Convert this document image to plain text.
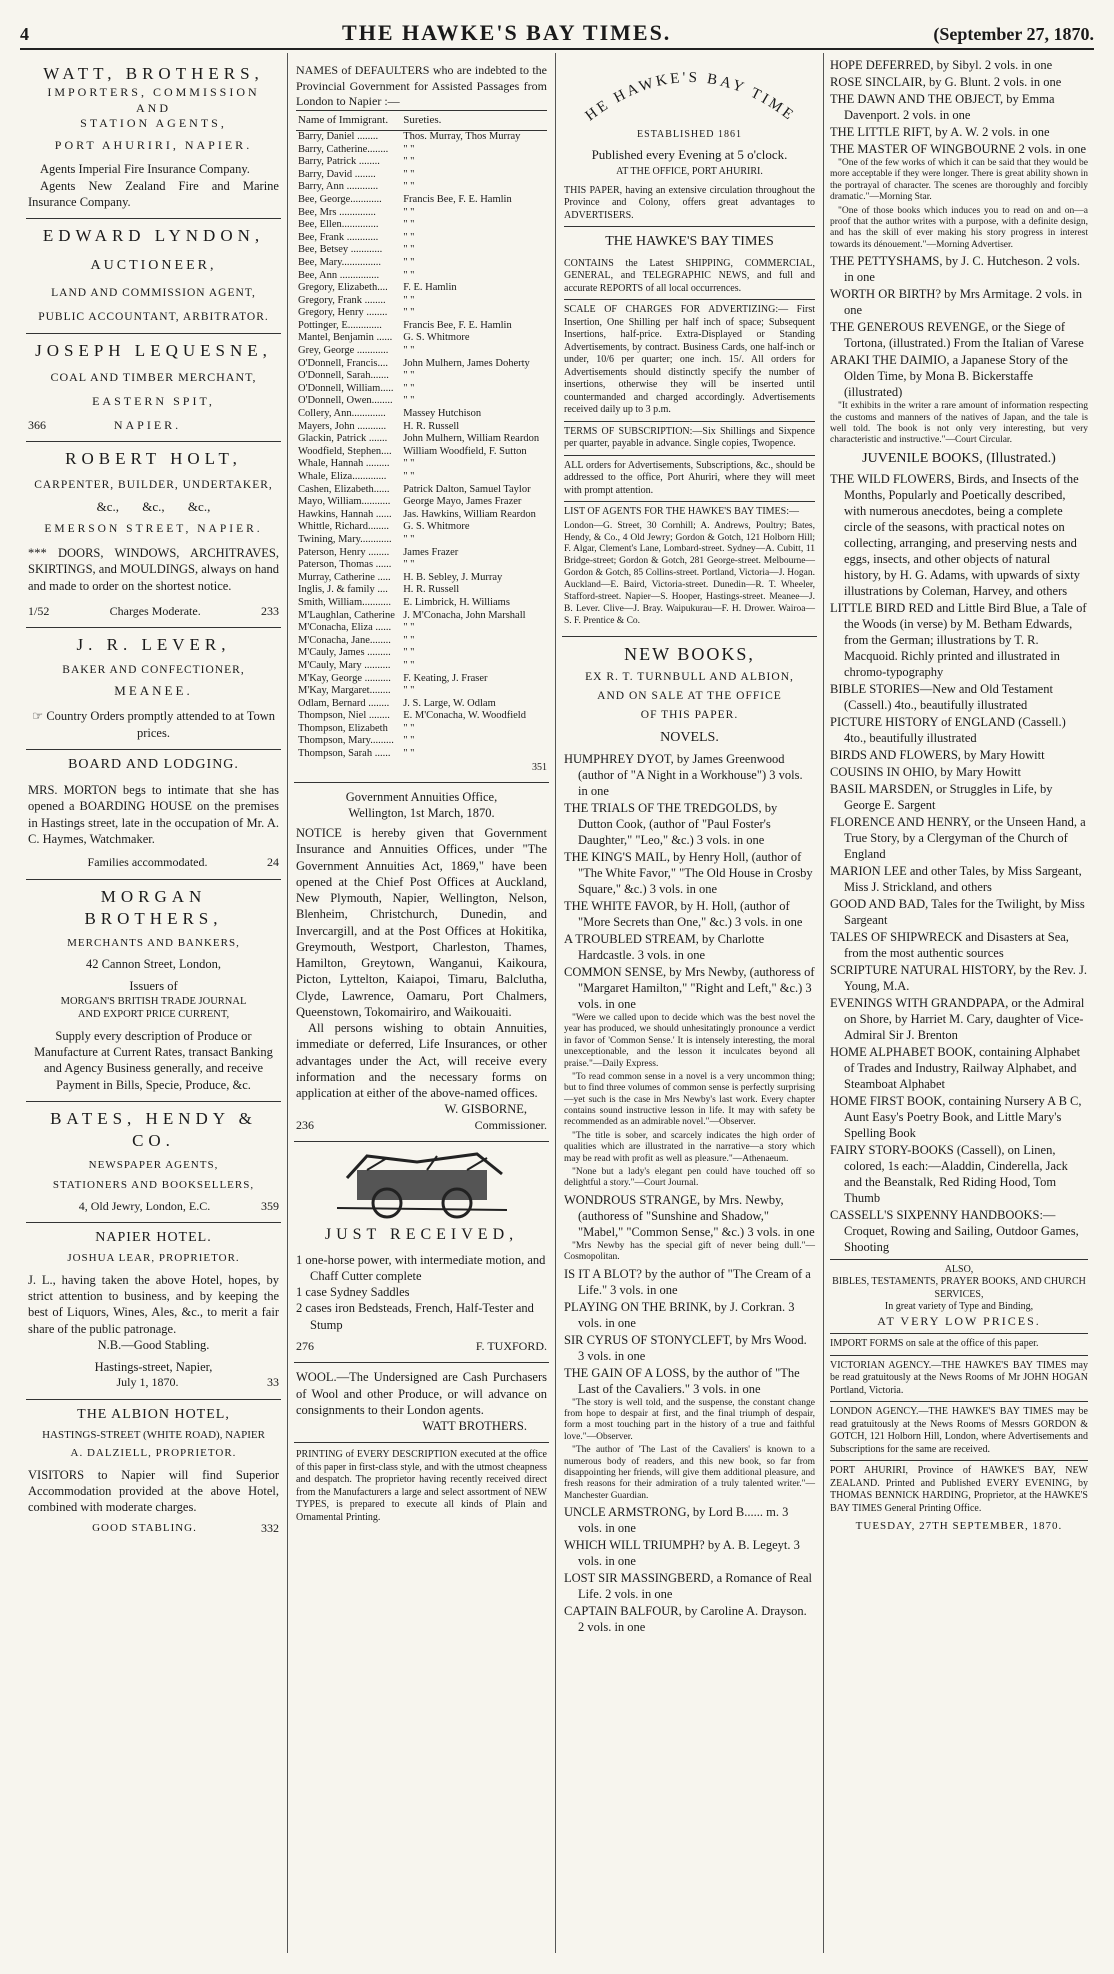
4	THE HAWKE'S BAY TIMES.	(September 27, 1870.
WATT, BROTHERS,
IMPORTERS, COMMISSION AND
STATION AGENTS,
PORT AHURIRI, NAPIER.

Agents Imperial Fire Insurance Company.

Agents New Zealand Fire and Marine Insurance Company.

EDWARD LYNDON,
AUCTIONEER,
LAND AND COMMISSION AGENT,
PUBLIC ACCOUNTANT, ARBITRATOR.
JOSEPH LEQUESNE,
COAL AND TIMBER MERCHANT,
EASTERN SPIT,
366	NAPIER.
ROBERT HOLT,
CARPENTER, BUILDER, UNDERTAKER,
&c., &c., &c.,
EMERSON STREET, NAPIER.

*** DOORS, WINDOWS, ARCHITRAVES, SKIRTINGS, and MOULDINGS, always on hand and made to order on the shortest notice.

1/52	Charges Moderate.	233
J. R. LEVER,
BAKER AND CONFECTIONER,
MEANEE.

☞ Country Orders promptly attended to at Town prices.

BOARD AND LODGING.

MRS. MORTON begs to intimate that she has opened a BOARDING HOUSE on the premises in Hastings street, late in the occupation of Mr. A. C. Haymes, Watchmaker.

Families accommodated.	24
MORGAN BROTHERS,
MERCHANTS AND BANKERS,
42 Cannon Street, London,
Issuers of
MORGAN'S BRITISH TRADE JOURNAL
AND EXPORT PRICE CURRENT,

Supply every description of Produce or Manufacture at Current Rates, transact Banking and Agency Business generally, and receive Payment in Bills, Specie, Produce, &c.

BATES, HENDY & CO.
NEWSPAPER AGENTS,
STATIONERS AND BOOKSELLERS,
4, Old Jewry, London, E.C.	359
NAPIER HOTEL.
JOSHUA LEAR, PROPRIETOR.

J. L., having taken the above Hotel, hopes, by strict attention to business, and by keeping the best of Liquors, Wines, Ales, &c., to merit a fair share of the public patronage.

N.B.—Good Stabling.
Hastings-street, Napier,
July 1, 1870.	33
THE ALBION HOTEL,
HASTINGS-STREET (WHITE ROAD), NAPIER
A. DALZIELL, PROPRIETOR.

VISITORS to Napier will find Superior Accommodation provided at the above Hotel, combined with moderate charges.

GOOD STABLING.	332

NAMES of DEFAULTERS who are indebted to the Provincial Government for Assisted Passages from London to Napier :—

Name of Immigrant.	Sureties.
Barry, Daniel ........	Thos. Murray, Thos Murray
Barry, Catherine........	" "
Barry, Patrick ........	" "
Barry, David ........	" "
Barry, Ann ............	" "
Bee, George............	Francis Bee, F. E. Hamlin
Bee, Mrs ..............	" "
Bee, Ellen..............	" "
Bee, Frank ............	" "
Bee, Betsey ............	" "
Bee, Mary...............	" "
Bee, Ann ...............	" "
Gregory, Elizabeth....	F. E. Hamlin
Gregory, Frank ........	" "
Gregory, Henry ........	" "
Pottinger, E.............	Francis Bee, F. E. Hamlin
Mantel, Benjamin ......	G. S. Whitmore
Grey, George ............	" "
O'Donnell, Francis....	John Mulhern, James Doherty
O'Donnell, Sarah.......	" "
O'Donnell, William.....	" "
O'Donnell, Owen........	" "
Collery, Ann.............	Massey Hutchison
Mayers, John ...........	H. R. Russell
Glackin, Patrick .......	John Mulhern, William Reardon
Woodfield, Stephen....	William Woodfield, F. Sutton
Whale, Hannah .........	" "
Whale, Eliza.............	" "
Cashen, Elizabeth......	Patrick Dalton, Samuel Taylor
Mayo, William...........	George Mayo, James Frazer
Hawkins, Hannah ......	Jas. Hawkins, William Reardon
Whittle, Richard........	G. S. Whitmore
Twining, Mary............	" "
Paterson, Henry ........	James Frazer
Paterson, Thomas ......	" "
Murray, Catherine .....	H. B. Sebley, J. Murray
Inglis, J. & family ....	H. R. Russell
Smith, William...........	E. Limbrick, H. Williams
M'Laughlan, Catherine	J. M'Conacha, John Marshall
M'Conacha, Eliza ......	" "
M'Conacha, Jane........	" "
M'Cauly, James .........	" "
M'Cauly, Mary ..........	" "
M'Kay, George ..........	F. Keating, J. Fraser
M'Kay, Margaret........	" "
Odlam, Bernard ........	J. S. Large, W. Odlam
Thompson, Niel ........	E. M'Conacha, W. Woodfield
Thompson, Elizabeth	" "
Thompson, Mary.........	" "
Thompson, Sarah ......	" "
351
Government Annuities Office,
Wellington, 1st March, 1870.

NOTICE is hereby given that Government Insurance and Annuities Offices, under "The Government Annuities Act, 1869," have been opened at the Chief Post Offices at Auckland, New Plymouth, Napier, Wellington, Nelson, Blenheim, Christchurch, Dunedin, and Invercargill, and at the Post Offices at Hokitika, Greymouth, Westport, Charleston, Thames, Hamilton, Greytown, Wanganui, Kaikoura, Picton, Lyttelton, Kaiapoi, Timaru, Balclutha, Clyde, Lawrence, Oamaru, Port Chalmers, Queenstown, Tokomairiro, and Waikouaiti.

All persons wishing to obtain Annuities, immediate or deferred, Life Insurances, or other advantages under the Act, will receive every information and the necessary forms on application at either of the above-named offices.

W. GISBORNE,
236	Commissioner.
JUST RECEIVED,
1 one-horse power, with intermediate motion, and Chaff Cutter complete
1 case Sydney Saddles
2 cases iron Bedsteads, French, Half-Tester and Stump
276	F. TUXFORD.

WOOL.—The Undersigned are Cash Purchasers of Wool and other Produce, or will advance on consignments to their London agents.

WATT BROTHERS.

PRINTING of EVERY DESCRIPTION executed at the office of this paper in first-class style, and with the utmost cheapness and despatch. The proprietor having recently received direct from the Manufacturers a large and select assortment of NEW TYPES, is prepared to execute all kinds of Plain and Ornamental Printing.

HE HAWKE'S BAY TIME
ESTABLISHED 1861
Published every Evening at 5 o'clock.
AT THE OFFICE, PORT AHURIRI.

THIS PAPER, having an extensive circulation throughout the Province and Colony, offers great advantages to ADVERTISERS.

THE HAWKE'S BAY TIMES

CONTAINS the Latest SHIPPING, COMMERCIAL, GENERAL, and TELEGRAPHIC NEWS, and full and accurate REPORTS of all local occurrences.

SCALE OF CHARGES FOR ADVERTIZING:— First Insertion, One Shilling per half inch of space; Subsequent Insertions, half-price. Extra-Displayed or Standing Advertisements, by contract. Business Cards, one half-inch or under, 10/6 per quarter; one inch. 15/. All orders for Advertisements should distinctly specify the number of insertions, otherwise they will be inserted until countermanded and charged accordingly. Advertisements received daily up to 3 p.m.

TERMS OF SUBSCRIPTION:—Six Shillings and Sixpence per quarter, payable in advance. Single copies, Twopence.

ALL orders for Advertisements, Subscriptions, &c., should be addressed to the office, Port Ahuriri, where they will meet with prompt attention.

LIST OF AGENTS FOR THE HAWKE'S BAY TIMES:—

London—G. Street, 30 Cornhill; A. Andrews, Poultry; Bates, Hendy, & Co., 4 Old Jewry; Gordon & Gotch, 121 Holborn Hill; F. Algar, Clement's Lane, Lombard-street. Sydney—A. Cubitt, 11 Bridge-street; Gordon & Gotch, 281 George-street. Melbourne—Gordon & Gotch, 85 Collins-street. Portland, Victoria—J. Hogan. Auckland—E. Baird, Victoria-street. Dunedin—R. T. Wheeler, Stafford-street. Napier—S. Hooper, Hastings-street. Meanee—J. B. Lever. Clive—J. Bray. Waipukurau—F. H. Drower. Wairoa—S. F. Prentice & Co.

NEW BOOKS,
EX R. T. TURNBULL AND ALBION,
AND ON SALE AT THE OFFICE
OF THIS PAPER.
NOVELS.
HUMPHREY DYOT, by James Greenwood (author of "A Night in a Workhouse") 3 vols. in one
THE TRIALS OF THE TREDGOLDS, by Dutton Cook, (author of "Paul Foster's Daughter," "Leo," &c.) 3 vols. in one
THE KING'S MAIL, by Henry Holl, (author of "The White Favor," "The Old House in Crosby Square," &c.) 3 vols. in one
THE WHITE FAVOR, by H. Holl, (author of "More Secrets than One," &c.) 3 vols. in one
A TROUBLED STREAM, by Charlotte Hardcastle. 3 vols. in one
COMMON SENSE, by Mrs Newby, (authoress of "Margaret Hamilton," "Right and Left," &c.) 3 vols. in one

"Were we called upon to decide which was the best novel the year has produced, we should unhesitatingly pronounce a verdict in favor of 'Common Sense.' It is intensely interesting, the moral unexceptionable, and the lesson it inculcates beyond all praise."—Daily Express.

"To read common sense in a novel is a very uncommon thing; but to find three volumes of common sense is perfectly surprising—yet such is the case in Mrs Newby's last work. Every chapter contains sound instructive lesson in life. It may with safety be recommended as an admirable novel."—Observer.

"The title is sober, and scarcely indicates the high order of qualities which are illustrated in the narrative—a story which may be read with profit as well as pleasure."—Athenaeum.

"None but a lady's elegant pen could have touched off so delightful a story."—Court Journal.

WONDROUS STRANGE, by Mrs. Newby, (authoress of "Sunshine and Shadow," "Mabel," "Common Sense," &c.) 3 vols. in one

"Mrs Newby has the special gift of never being dull."—Cosmopolitan.

IS IT A BLOT? by the author of "The Cream of a Life." 3 vols. in one
PLAYING ON THE BRINK, by J. Corkran. 3 vols. in one
SIR CYRUS OF STONYCLEFT, by Mrs Wood. 3 vols. in one
THE GAIN OF A LOSS, by the author of "The Last of the Cavaliers." 3 vols. in one

"The story is well told, and the suspense, the constant change from hope to despair at first, and the final triumph of despair, form a most touching part in the history of a true and faithful love."—Observer.

"The author of 'The Last of the Cavaliers' is known to a numerous body of readers, and this new book, so far from disappointing her friends, will give them additional pleasure, and fresh reasons for their admiration of a truly talented writer."—Manchester Guardian.

UNCLE ARMSTRONG, by Lord B...... m. 3 vols. in one
WHICH WILL TRIUMPH? by A. B. Legeyt. 3 vols. in one
LOST SIR MASSINGBERD, a Romance of Real Life. 2 vols. in one
CAPTAIN BALFOUR, by Caroline A. Drayson. 2 vols. in one
HOPE DEFERRED, by Sibyl. 2 vols. in one
ROSE SINCLAIR, by G. Blunt. 2 vols. in one
THE DAWN AND THE OBJECT, by Emma Davenport. 2 vols. in one
THE LITTLE RIFT, by A. W. 2 vols. in one
THE MASTER OF WINGBOURNE 2 vols. in one

"One of the few works of which it can be said that they would be more acceptable if they were longer. There is great ability shown in the portrayal of character. The scenes are thoroughly and forcibly dramatic."—Morning Star.

"One of those books which induces you to read on and on—a proof that the author writes with a purpose, with a definite design, and has the skill of ever making his story progress in interest towards its dénouement."—Morning Advertiser.

THE PETTYSHAMS, by J. C. Hutcheson. 2 vols. in one
WORTH OR BIRTH? by Mrs Armitage. 2 vols. in one
THE GENEROUS REVENGE, or the Siege of Tortona, (illustrated.) From the Italian of Varese
ARAKI THE DAIMIO, a Japanese Story of the Olden Time, by Mona B. Bickerstaffe (illustrated)

"It exhibits in the writer a rare amount of information respecting the customs and manners of the natives of Japan, and the tale is well told. The book is not only very interesting, but very characteristic and instructive."—Court Circular.

JUVENILE BOOKS, (Illustrated.)
THE WILD FLOWERS, Birds, and Insects of the Months, Popularly and Poetically described, with numerous anecdotes, being a complete circle of the seasons, with practical notes on collecting, arranging, and preserving nests and eggs, insects, and other objects of natural history, by H. G. Adams, with upwards of sixty illustrations by Coleman, Harvey, and others
LITTLE BIRD RED and Little Bird Blue, a Tale of the Woods (in verse) by M. Betham Edwards, from the German; illustrations by T. R. Macquoid. Richly printed and illustrated in chromo-typography
BIBLE STORIES—New and Old Testament (Cassell.) 4to., beautifully illustrated
PICTURE HISTORY of ENGLAND (Cassell.) 4to., beautifully illustrated
BIRDS AND FLOWERS, by Mary Howitt
COUSINS IN OHIO, by Mary Howitt
BASIL MARSDEN, or Struggles in Life, by George E. Sargent
FLORENCE AND HENRY, or the Unseen Hand, a True Story, by a Clergyman of the Church of England
MARION LEE and other Tales, by Miss Sargeant, Miss J. Strickland, and others
GOOD AND BAD, Tales for the Twilight, by Miss Sargeant
TALES OF SHIPWRECK and Disasters at Sea, from the most authentic sources
SCRIPTURE NATURAL HISTORY, by the Rev. J. Young, M.A.
EVENINGS WITH GRANDPAPA, or the Admiral on Shore, by Harriet M. Cary, daughter of Vice-Admiral Sir J. Brenton
HOME ALPHABET BOOK, containing Alphabet of Trades and Industry, Railway Alphabet, and Steamboat Alphabet
HOME FIRST BOOK, containing Nursery A B C, Aunt Easy's Poetry Book, and Little Mary's Spelling Book
FAIRY STORY-BOOKS (Cassell), on Linen, colored, 1s each:—Aladdin, Cinderella, Jack and the Beanstalk, Red Riding Hood, Tom Thumb
CASSELL'S SIXPENNY HANDBOOKS:—Croquet, Rowing and Sailing, Outdoor Games, Shooting
ALSO,
BIBLES, TESTAMENTS, PRAYER BOOKS, AND CHURCH SERVICES,
In great variety of Type and Binding,
AT VERY LOW PRICES.

IMPORT FORMS on sale at the office of this paper.

VICTORIAN AGENCY.—THE HAWKE'S BAY TIMES may be read gratuitously at the News Rooms of Mr JOHN HOGAN Portland, Victoria.

LONDON AGENCY.—THE HAWKE'S BAY TIMES may be read gratuitously at the News Rooms of Messrs GORDON & GOTCH, 121 Holborn Hill, London, where Advertisements and Subscriptions for the same are received.

PORT AHURIRI, Province of HAWKE'S BAY, NEW ZEALAND. Printed and Published EVERY EVENING, by THOMAS BENNICK HARDING, Proprietor, at the HAWKE'S BAY TIMES General Printing Office.

TUESDAY, 27TH SEPTEMBER, 1870.
